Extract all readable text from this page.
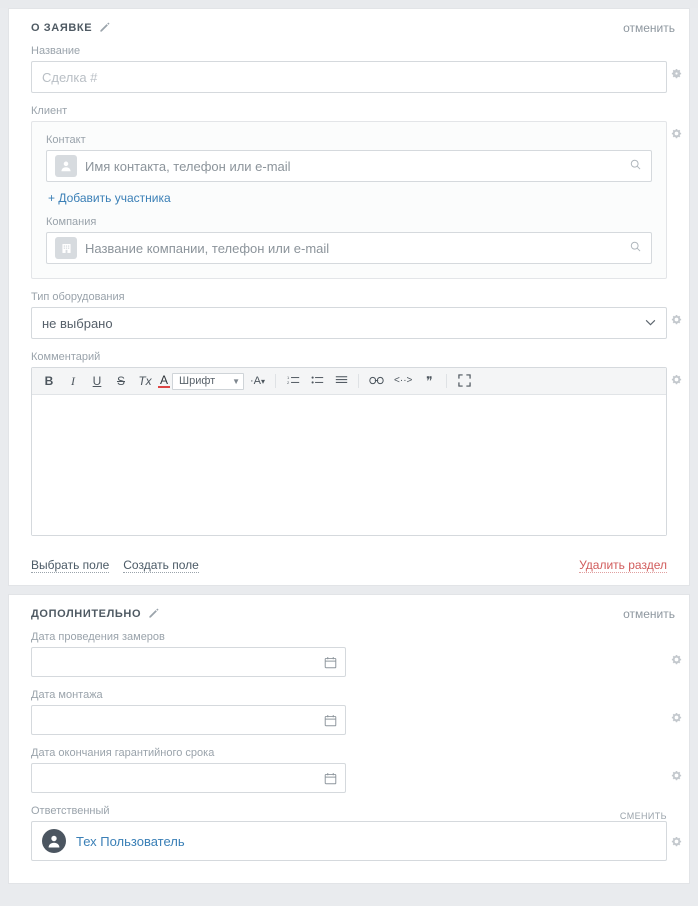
О ЗАЯВКЕ	отменить
Название
Сделка #
Клиент
Контакт
Имя контакта, телефон или e-mail
+ Добавить участника
Компания
Название компании, телефон или e-mail
Тип оборудования
не выбрано
Комментарий
B	I	U	S	Tx A Шрифт ▼ ·A▾	1
2	<··>	❞
Выбрать поле Создать поле	Удалить раздел
ДОПОЛНИТЕЛЬНО	отменить
Дата проведения замеров
Дата монтажа
Дата окончания гарантийного срока
Ответственный	СМЕНИТЬ
Тех Пользователь
